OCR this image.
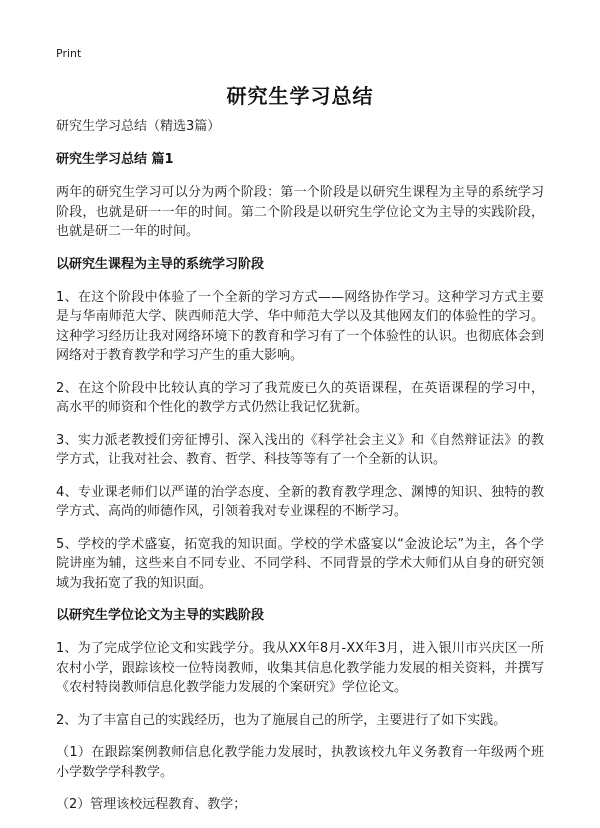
Print
研究生学习总结

研究生学习总结（精选3篇）

研究生学习总结 篇1

两年的研究生学习可以分为两个阶段：第一个阶段是以研究生课程为主导的系统学习阶段，也就是研一一年的时间。第二个阶段是以研究生学位论文为主导的实践阶段，也就是研二一年的时间。

以研究生课程为主导的系统学习阶段

1、在这个阶段中体验了一个全新的学习方式——网络协作学习。这种学习方式主要是与华南师范大学、陕西师范大学、华中师范大学以及其他网友们的体验性的学习。这种学习经历让我对网络环境下的教育和学习有了一个体验性的认识。也彻底体会到网络对于教育教学和学习产生的重大影响。

2、在这个阶段中比较认真的学习了我荒废已久的英语课程，在英语课程的学习中，高水平的师资和个性化的教学方式仍然让我记忆犹新。

3、实力派老教授们旁征博引、深入浅出的《科学社会主义》和《自然辩证法》的教学方式，让我对社会、教育、哲学、科技等等有了一个全新的认识。

4、专业课老师们以严谨的治学态度、全新的教育教学理念、渊博的知识、独特的教学方式、高尚的师德作风，引领着我对专业课程的不断学习。

5、学校的学术盛宴，拓宽我的知识面。学校的学术盛宴以“金波论坛”为主，各个学院讲座为辅，这些来自不同专业、不同学科、不同背景的学术大师们从自身的研究领域为我拓宽了我的知识面。

以研究生学位论文为主导的实践阶段

1、为了完成学位论文和实践学分。我从XX年8月-XX年3月，进入银川市兴庆区一所农村小学，跟踪该校一位特岗教师，收集其信息化教学能力发展的相关资料，并撰写《农村特岗教师信息化教学能力发展的个案研究》学位论文。

2、为了丰富自己的实践经历，也为了施展自己的所学，主要进行了如下实践。

（1）在跟踪案例教师信息化教学能力发展时，执教该校九年义务教育一年级两个班小学数学学科教学。

（2）管理该校远程教育、教学；
